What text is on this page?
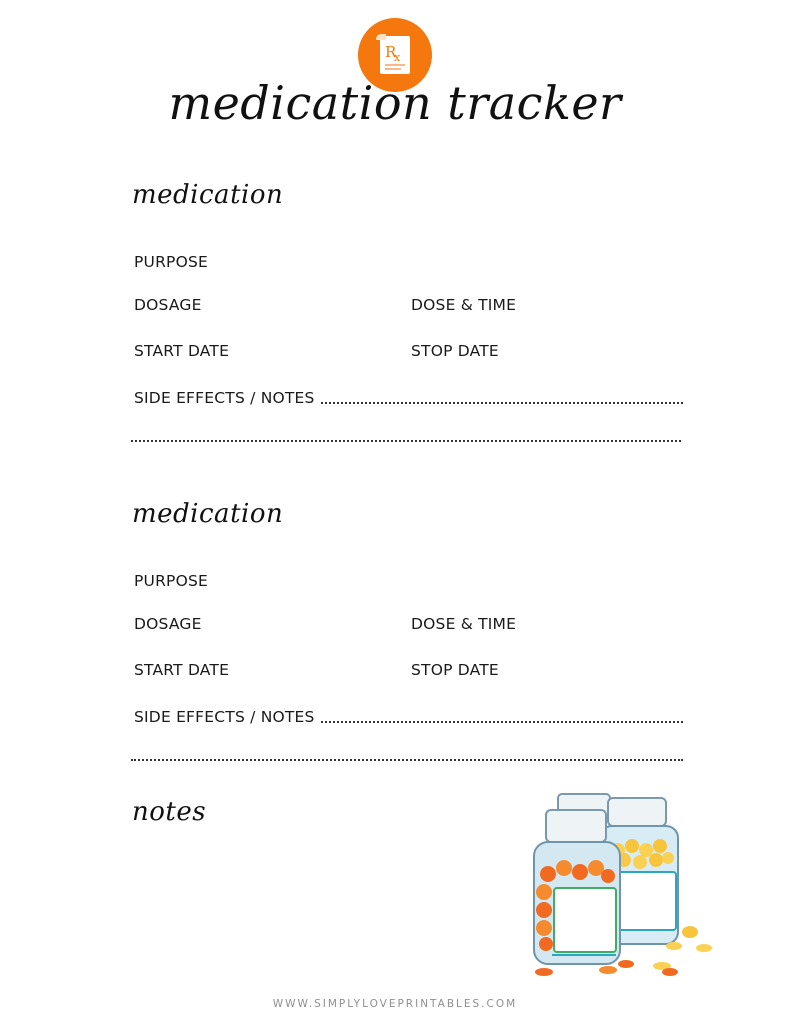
R
x
medication tracker
medication
PURPOSE
DOSAGE	DOSE & TIME
START DATE	STOP DATE
SIDE EFFECTS / NOTES
medication
PURPOSE
DOSAGE	DOSE & TIME
START DATE	STOP DATE
SIDE EFFECTS / NOTES
notes
WWW.SIMPLYLOVEPRINTABLES.COM
